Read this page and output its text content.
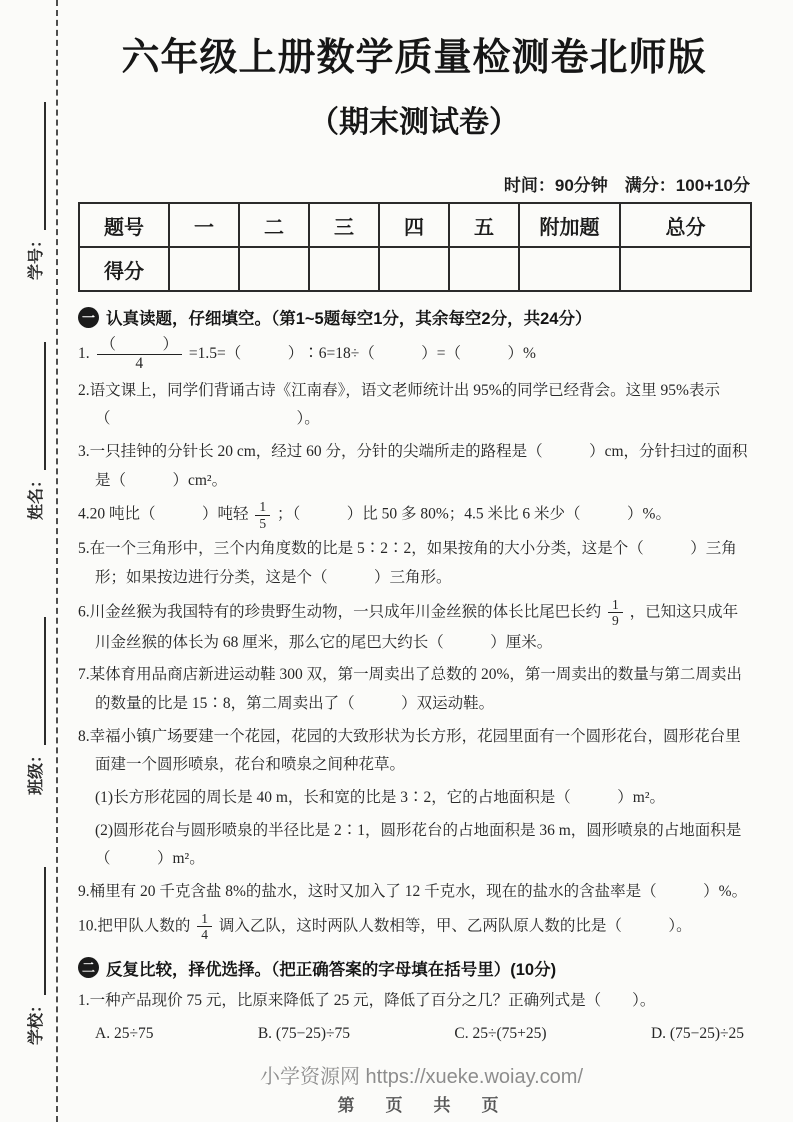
学号：
姓名：
班级：
学校：
六年级上册数学质量检测卷北师版
（期末测试卷）
时间：90分钟　满分：100+10分
题号	一	二	三	四	五	附加题	总分
得分							
一 认真读题，仔细填空。（第1~5题每空1分，其余每空2分，共24分）
1. $\frac{( )}{4} =1.5=$（　　　）∶6=18÷（　　　）=（　　　）%
2.语文课上，同学们背诵古诗《江南春》，语文老师统计出 95%的同学已经背会。这里 95%表示（　　　　　　　　　　　　）。
3.一只挂钟的分针长 20 cm，经过 60 分，分针的尖端所走的路程是（　　　）cm，分针扫过的面积是（　　　）cm²。
4.20 吨比（　　　）吨轻 $\frac{1}{5}$ ；（　　　）比 50 多 80%；4.5 米比 6 米少（　　　）%。
5.在一个三角形中，三个内角度数的比是 5∶2∶2，如果按角的大小分类，这是个（　　　）三角形；如果按边进行分类，这是个（　　　）三角形。
6.川金丝猴为我国特有的珍贵野生动物，一只成年川金丝猴的体长比尾巴长约 $\frac{1}{9}$ ，已知这只成年川金丝猴的体长为 68 厘米，那么它的尾巴大约长（　　　）厘米。
7.某体育用品商店新进运动鞋 300 双，第一周卖出了总数的 20%，第一周卖出的数量与第二周卖出的数量的比是 15∶8，第二周卖出了（　　　）双运动鞋。
8.幸福小镇广场要建一个花园，花园的大致形状为长方形，花园里面有一个圆形花台，圆形花台里面建一个圆形喷泉，花台和喷泉之间种花草。
(1)长方形花园的周长是 40 m，长和宽的比是 3∶2，它的占地面积是（　　　）m²。
(2)圆形花台与圆形喷泉的半径比是 2∶1，圆形花台的占地面积是 36 m，圆形喷泉的占地面积是（　　　）m²。
9.桶里有 20 千克含盐 8%的盐水，这时又加入了 12 千克水，现在的盐水的含盐率是（　　　）%。
10.把甲队人数的 $\frac{1}{4}$ 调入乙队，这时两队人数相等，甲、乙两队原人数的比是（　　　）。
二 反复比较，择优选择。（把正确答案的字母填在括号里）(10分)
1.一种产品现价 75 元，比原来降低了 25 元，降低了百分之几？正确列式是（　　）。
A. 25÷75	B. (75−25)÷75	C. 25÷(75+25)	D. (75−25)÷25
小学资源网 https://xueke.woiay.com/
第　页　共　页
